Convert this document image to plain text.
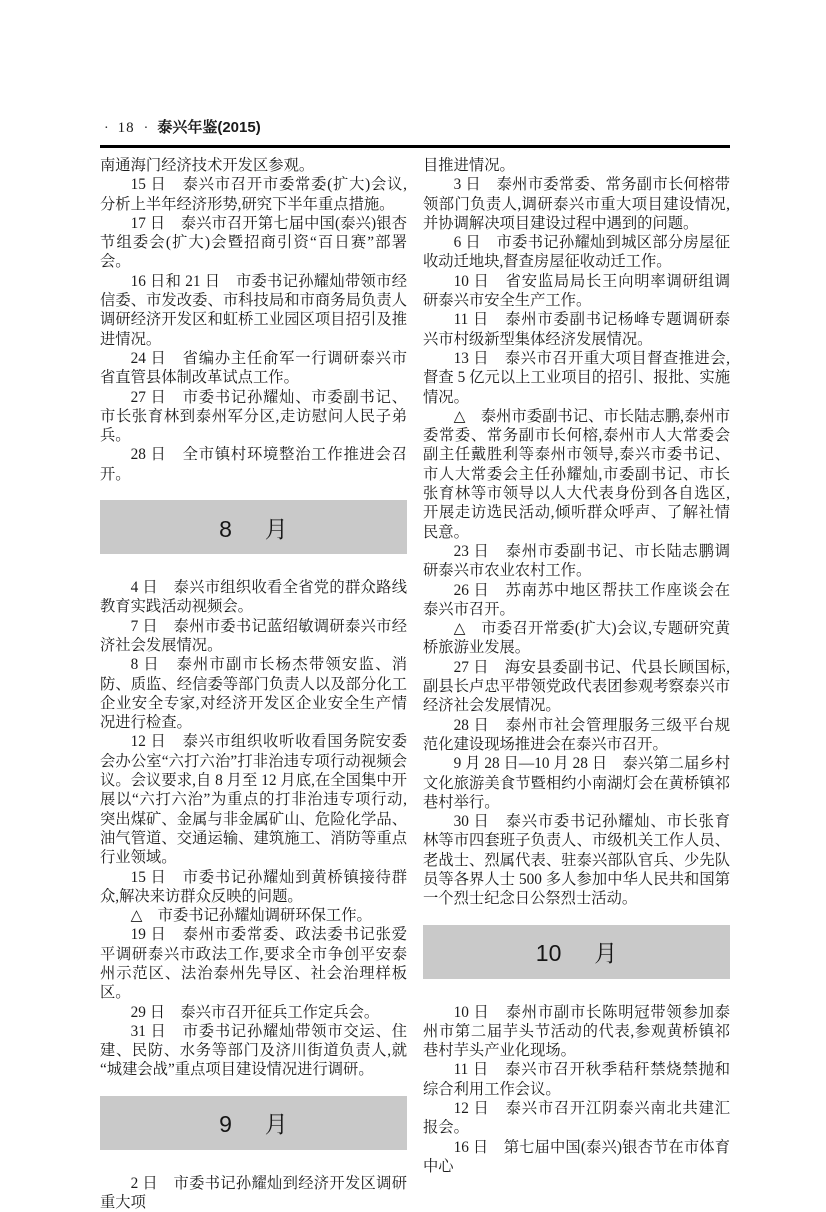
· 18 · 泰兴年鉴(2015)

南通海门经济技术开发区参观。

15 日　泰兴市召开市委常委(扩大)会议,分析上半年经济形势,研究下半年重点措施。

17 日　泰兴市召开第七届中国(泰兴)银杏节组委会(扩大)会暨招商引资“百日赛”部署会。

16 日和 21 日　市委书记孙耀灿带领市经信委、市发改委、市科技局和市商务局负责人调研经济开发区和虹桥工业园区项目招引及推进情况。

24 日　省编办主任俞军一行调研泰兴市省直管县体制改革试点工作。

27 日　市委书记孙耀灿、市委副书记、市长张育林到泰州军分区,走访慰问人民子弟兵。

28 日　全市镇村环境整治工作推进会召开。

8 月

4 日　泰兴市组织收看全省党的群众路线教育实践活动视频会。

7 日　泰州市委书记蓝绍敏调研泰兴市经济社会发展情况。

8 日　泰州市副市长杨杰带领安监、消防、质监、经信委等部门负责人以及部分化工企业安全专家,对经济开发区企业安全生产情况进行检查。

12 日　泰兴市组织收听收看国务院安委会办公室“六打六治”打非治违专项行动视频会议。会议要求,自 8 月至 12 月底,在全国集中开展以“六打六治”为重点的打非治违专项行动,突出煤矿、金属与非金属矿山、危险化学品、油气管道、交通运输、建筑施工、消防等重点行业领域。

15 日　市委书记孙耀灿到黄桥镇接待群众,解决来访群众反映的问题。

△　市委书记孙耀灿调研环保工作。

19 日　泰州市委常委、政法委书记张爱平调研泰兴市政法工作,要求全市争创平安泰州示范区、法治泰州先导区、社会治理样板区。

29 日　泰兴市召开征兵工作定兵会。

31 日　市委书记孙耀灿带领市交运、住建、民防、水务等部门及济川街道负责人,就“城建会战”重点项目建设情况进行调研。

9 月

2 日　市委书记孙耀灿到经济开发区调研重大项

目推进情况。

3 日　泰州市委常委、常务副市长何榕带领部门负责人,调研泰兴市重大项目建设情况,并协调解决项目建设过程中遇到的问题。

6 日　市委书记孙耀灿到城区部分房屋征收动迁地块,督查房屋征收动迁工作。

10 日　省安监局局长王向明率调研组调研泰兴市安全生产工作。

11 日　泰州市委副书记杨峰专题调研泰兴市村级新型集体经济发展情况。

13 日　泰兴市召开重大项目督查推进会,督查 5 亿元以上工业项目的招引、报批、实施情况。

△　泰州市委副书记、市长陆志鹏,泰州市委常委、常务副市长何榕,泰州市人大常委会副主任戴胜利等泰州市领导,泰兴市委书记、市人大常委会主任孙耀灿,市委副书记、市长张育林等市领导以人大代表身份到各自选区,开展走访选民活动,倾听群众呼声、了解社情民意。

23 日　泰州市委副书记、市长陆志鹏调研泰兴市农业农村工作。

26 日　苏南苏中地区帮扶工作座谈会在泰兴市召开。

△　市委召开常委(扩大)会议,专题研究黄桥旅游业发展。

27 日　海安县委副书记、代县长顾国标,副县长卢忠平带领党政代表团参观考察泰兴市经济社会发展情况。

28 日　泰州市社会管理服务三级平台规范化建设现场推进会在泰兴市召开。

9 月 28 日—10 月 28 日　泰兴第二届乡村文化旅游美食节暨相约小南湖灯会在黄桥镇祁巷村举行。

30 日　泰兴市委书记孙耀灿、市长张育林等市四套班子负责人、市级机关工作人员、老战士、烈属代表、驻泰兴部队官兵、少先队员等各界人士 500 多人参加中华人民共和国第一个烈士纪念日公祭烈士活动。

10 月

10 日　泰州市副市长陈明冠带领参加泰州市第二届芋头节活动的代表,参观黄桥镇祁巷村芋头产业化现场。

11 日　泰兴市召开秋季秸秆禁烧禁抛和综合利用工作会议。

12 日　泰兴市召开江阴泰兴南北共建汇报会。

16 日　第七届中国(泰兴)银杏节在市体育中心
